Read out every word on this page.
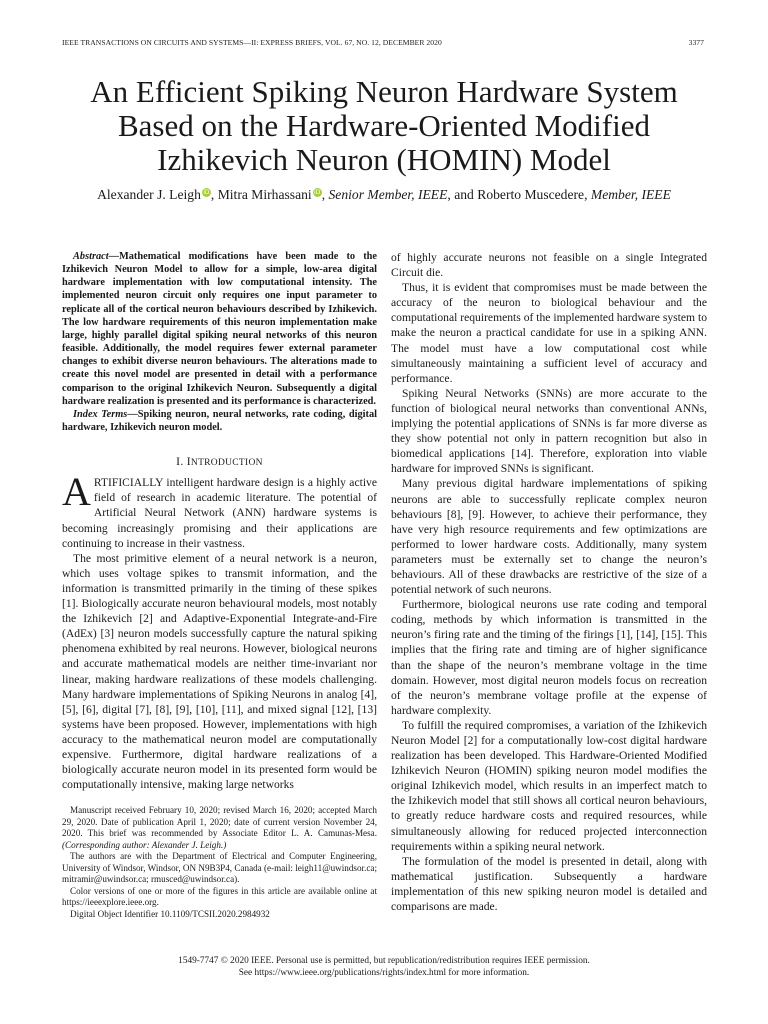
IEEE TRANSACTIONS ON CIRCUITS AND SYSTEMS—II: EXPRESS BRIEFS, VOL. 67, NO. 12, DECEMBER 2020	3377
An Efficient Spiking Neuron Hardware System
Based on the Hardware-Oriented Modified
Izhikevich Neuron (HOMIN) Model
Alexander J. Leigh iD, Mitra Mirhassani iD, Senior Member, IEEE, and Roberto Muscedere, Member, IEEE

Abstract—Mathematical modifications have been made to the Izhikevich Neuron Model to allow for a simple, low-area digital hardware implementation with low computational intensity. The implemented neuron circuit only requires one input parameter to replicate all of the cortical neuron behaviours described by Izhikevich. The low hardware requirements of this neuron implementation make large, highly parallel digital spiking neural networks of this neuron feasible. Additionally, the model requires fewer external parameter changes to exhibit diverse neuron behaviours. The alterations made to create this novel model are presented in detail with a performance comparison to the original Izhikevich Neuron. Subsequently a digital hardware realization is presented and its performance is characterized.

Index Terms—Spiking neuron, neural networks, rate coding, digital hardware, Izhikevich neuron model.

I. INTRODUCTION

ARTIFICIALLY intelligent hardware design is a highly active field of research in academic literature. The potential of Artificial Neural Network (ANN) hardware systems is becoming increasingly promising and their applications are continuing to increase in their vastness.

The most primitive element of a neural network is a neuron, which uses voltage spikes to transmit information, and the information is transmitted primarily in the timing of these spikes [1]. Biologically accurate neuron behavioural models, most notably the Izhikevich [2] and Adaptive-Exponential Integrate-and-Fire (AdEx) [3] neuron models successfully capture the natural spiking phenomena exhibited by real neurons. However, biological neurons and accurate mathematical models are neither time-invariant nor linear, making hardware realizations of these models challenging. Many hardware implementations of Spiking Neurons in analog [4], [5], [6], digital [7], [8], [9], [10], [11], and mixed signal [12], [13] systems have been proposed. However, implementations with high accuracy to the mathematical neuron model are computationally expensive. Furthermore, digital hardware realizations of a biologically accurate neuron model in its presented form would be computationally intensive, making large networks

Manuscript received February 10, 2020; revised March 16, 2020; accepted March 29, 2020. Date of publication April 1, 2020; date of current version November 24, 2020. This brief was recommended by Associate Editor L. A. Camunas-Mesa. (Corresponding author: Alexander J. Leigh.)

The authors are with the Department of Electrical and Computer Engineering, University of Windsor, Windsor, ON N9B3P4, Canada (e-mail: leigh11@uwindsor.ca; mitramir@uwindsor.ca; rmusced@uwindsor.ca).

Color versions of one or more of the figures in this article are available online at https://ieeexplore.ieee.org.

Digital Object Identifier 10.1109/TCSII.2020.2984932

of highly accurate neurons not feasible on a single Integrated Circuit die.

Thus, it is evident that compromises must be made between the accuracy of the neuron to biological behaviour and the computational requirements of the implemented hardware system to make the neuron a practical candidate for use in a spiking ANN. The model must have a low computational cost while simultaneously maintaining a sufficient level of accuracy and performance.

Spiking Neural Networks (SNNs) are more accurate to the function of biological neural networks than conventional ANNs, implying the potential applications of SNNs is far more diverse as they show potential not only in pattern recognition but also in biomedical applications [14]. Therefore, exploration into viable hardware for improved SNNs is significant.

Many previous digital hardware implementations of spiking neurons are able to successfully replicate complex neuron behaviours [8], [9]. However, to achieve their performance, they have very high resource requirements and few optimizations are performed to lower hardware costs. Additionally, many system parameters must be externally set to change the neuron’s behaviours. All of these drawbacks are restrictive of the size of a potential network of such neurons.

Furthermore, biological neurons use rate coding and temporal coding, methods by which information is transmitted in the neuron’s firing rate and the timing of the firings [1], [14], [15]. This implies that the firing rate and timing are of higher significance than the shape of the neuron’s membrane voltage in the time domain. However, most digital neuron models focus on recreation of the neuron’s membrane voltage profile at the expense of hardware complexity.

To fulfill the required compromises, a variation of the Izhikevich Neuron Model [2] for a computationally low-cost digital hardware realization has been developed. This Hardware-Oriented Modified Izhikevich Neuron (HOMIN) spiking neuron model modifies the original Izhikevich model, which results in an imperfect match to the Izhikevich model that still shows all cortical neuron behaviours, to greatly reduce hardware costs and required resources, while simultaneously allowing for reduced projected interconnection requirements within a spiking neural network.

The formulation of the model is presented in detail, along with mathematical justification. Subsequently a hardware implementation of this new spiking neuron model is detailed and comparisons are made.

1549-7747 © 2020 IEEE. Personal use is permitted, but republication/redistribution requires IEEE permission.
See https://www.ieee.org/publications/rights/index.html for more information.
